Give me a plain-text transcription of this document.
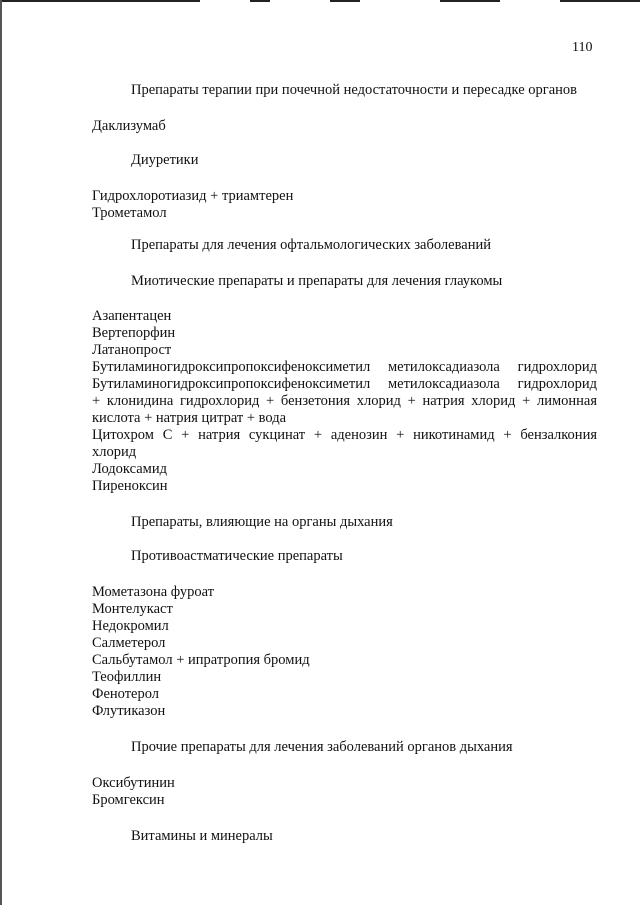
110
Препараты терапии при почечной недостаточности и пересадке органов
Даклизумаб
Диуретики
Гидрохлоротиазид + триамтерен
Трометамол
Препараты для лечения офтальмологических заболеваний
Миотические препараты и препараты для лечения глаукомы
Азапентацен
Вертепорфин
Латанопрост
Бутиламиногидроксипропоксифеноксиметил метилоксадиазола гидрохлорид
Бутиламиногидроксипропоксифеноксиметил метилоксадиазола гидрохлорид
+ клонидина гидрохлорид + бензетония хлорид + натрия хлорид + лимонная
кислота + натрия цитрат + вода
Цитохром С + натрия сукцинат + аденозин + никотинамид + бензалкония
хлорид
Лодоксамид
Пиреноксин
Препараты, влияющие на органы дыхания
Противоастматические препараты
Мометазона фуроат
Монтелукаст
Недокромил
Салметерол
Сальбутамол + ипратропия бромид
Теофиллин
Фенотерол
Флутиказон
Прочие препараты для лечения заболеваний органов дыхания
Оксибутинин
Бромгексин
Витамины и минералы
